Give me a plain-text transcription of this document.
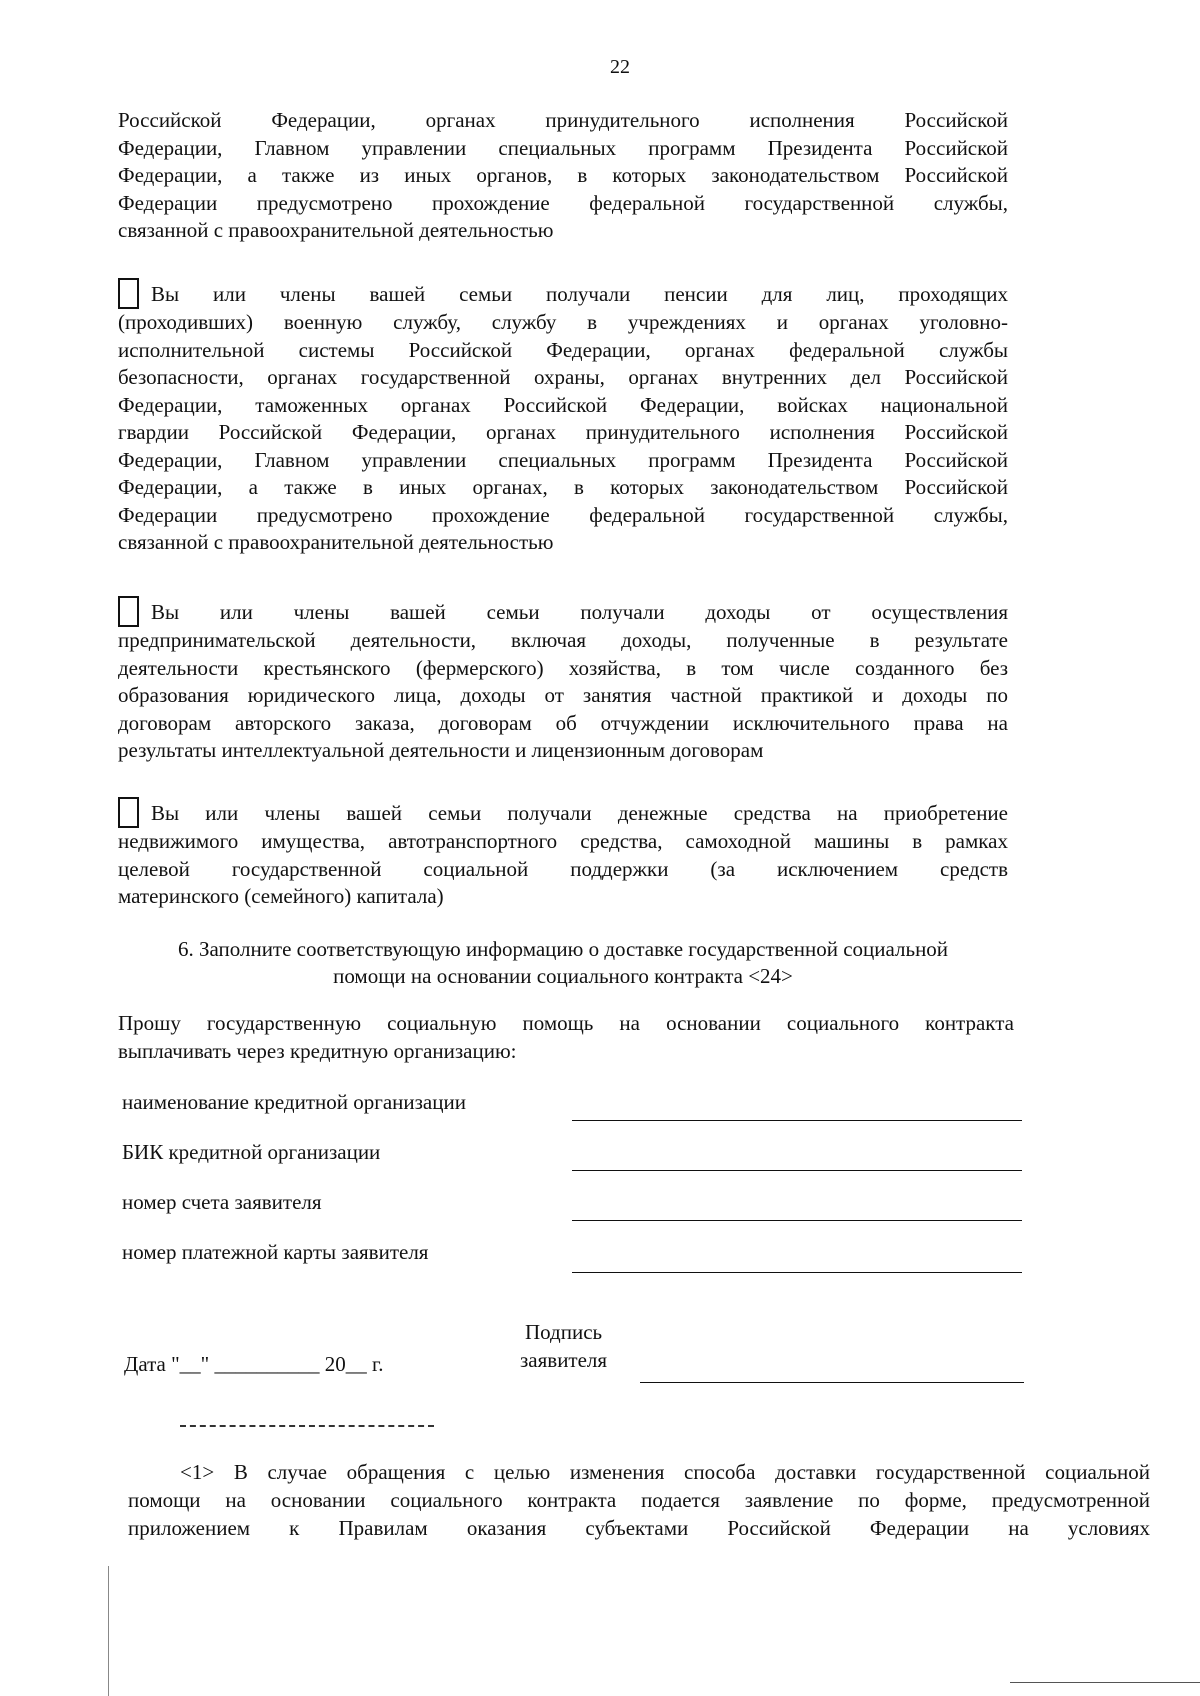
22

Российской Федерации, органах принудительного исполнения Российской
Федерации, Главном управлении специальных программ Президента Российской
Федерации, а также из иных органов, в которых законодательством Российской
Федерации предусмотрено прохождение федеральной государственной службы,
связанной с правоохранительной деятельностью

Вы или члены вашей семьи получали пенсии для лиц, проходящих
(проходивших) военную службу, службу в учреждениях и органах уголовно-
исполнительной системы Российской Федерации, органах федеральной службы
безопасности, органах государственной охраны, органах внутренних дел Российской
Федерации, таможенных органах Российской Федерации, войсках национальной
гвардии Российской Федерации, органах принудительного исполнения Российской
Федерации, Главном управлении специальных программ Президента Российской
Федерации, а также в иных органах, в которых законодательством Российской
Федерации предусмотрено прохождение федеральной государственной службы,
связанной с правоохранительной деятельностью

Вы или члены вашей семьи получали доходы от осуществления
предпринимательской деятельности, включая доходы, полученные в результате
деятельности крестьянского (фермерского) хозяйства, в том числе созданного без
образования юридического лица, доходы от занятия частной практикой и доходы по
договорам авторского заказа, договорам об отчуждении исключительного права на
результаты интеллектуальной деятельности и лицензионным договорам

Вы или члены вашей семьи получали денежные средства на приобретение
недвижимого имущества, автотранспортного средства, самоходной машины в рамках
целевой государственной социальной поддержки (за исключением средств
материнского (семейного) капитала)

6. Заполните соответствующую информацию о доставке государственной социальной
помощи на основании социального контракта <24>

Прошу государственную социальную помощь на основании социального контракта
выплачивать через кредитную организацию:

наименование кредитной организации
БИК кредитной организации
номер счета заявителя
номер платежной карты заявителя
Дата "__" __________ 20__ г.
Подпись
заявителя

<1> В случае обращения с целью изменения способа доставки государственной социальной
помощи на основании социального контракта подается заявление по форме, предусмотренной
приложением к Правилам оказания субъектами Российской Федерации на условиях
